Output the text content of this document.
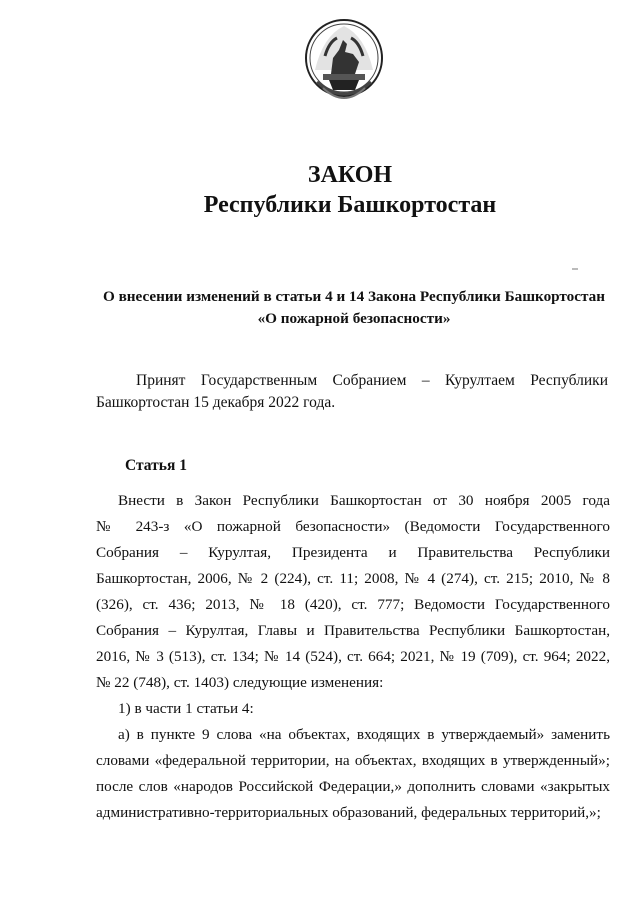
ЗАКОН
Республики Башкортостан
О внесении изменений в статьи 4 и 14 Закона Республики Башкортостан
«О пожарной безопасности»
Принят Государственным Собранием – Курултаем Республики
Башкортостан 15 декабря 2022 года.
Статья 1
Внести в Закон Республики Башкортостан от 30 ноября 2005 года
№ 243-з «О пожарной безопасности» (Ведомости Государственного
Собрания – Курултая, Президента и Правительства Республики
Башкортостан, 2006, № 2 (224), ст. 11; 2008, № 4 (274), ст. 215; 2010, № 8
(326), ст. 436; 2013, № 18 (420), ст. 777; Ведомости Государственного
Собрания – Курултая, Главы и Правительства Республики Башкортостан,
2016, № 3 (513), ст. 134; № 14 (524), ст. 664; 2021, № 19 (709), ст. 964; 2022,
№ 22 (748), ст. 1403) следующие изменения:
1) в части 1 статьи 4:
а) в пункте 9 слова «на объектах, входящих в утверждаемый» заменить
словами «федеральной территории, на объектах, входящих в утвержденный»;
после слов «народов Российской Федерации,» дополнить словами «закрытых
административно-территориальных образований, федеральных территорий,»;
